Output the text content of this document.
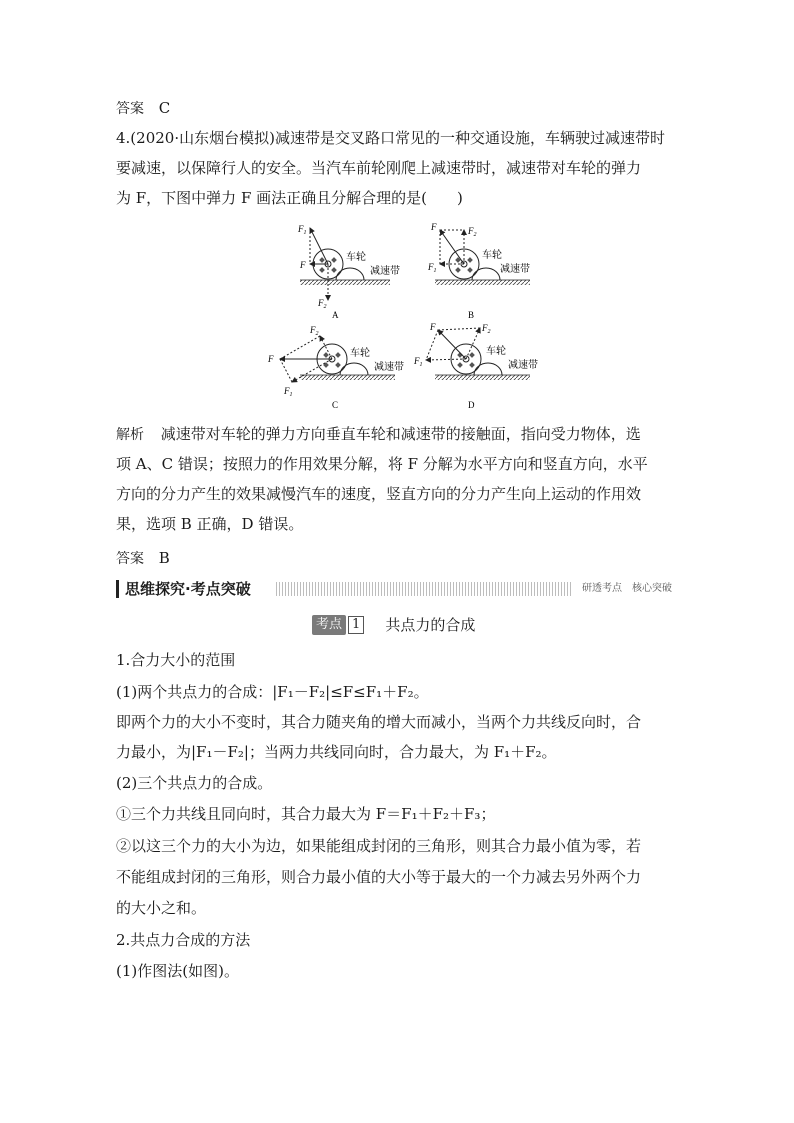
答案 C
4.(2020·山东烟台模拟)减速带是交叉路口常见的一种交通设施，车辆驶过减速带时
要减速，以保障行人的安全。当汽车前轮刚爬上减速带时，减速带对车轮的弹力
为 F，下图中弹力 F 画法正确且分解合理的是(　　)
$F_1$
F
$F_2$
车轮
减速带
A
F	$F_2$
$F_1$
车轮
减速带
B
F
$F_2$
$F_1$
车轮
减速带
C
F	$F_2$
$F_1$
车轮
减速带
D
解析 减速带对车轮的弹力方向垂直车轮和减速带的接触面，指向受力物体，选
项 A、C 错误；按照力的作用效果分解，将 F 分解为水平方向和竖直方向，水平
方向的分力产生的效果减慢汽车的速度，竖直方向的分力产生向上运动的作用效
果，选项 B 正确，D 错误。
答案 B
思维探究·考点突破	研透考点　核心突破
考点 1 共点力的合成
1.合力大小的范围
(1)两个共点力的合成：|F₁－F₂|≤F≤F₁＋F₂。
即两个力的大小不变时，其合力随夹角的增大而减小，当两个力共线反向时，合
力最小，为|F₁－F₂|；当两力共线同向时，合力最大，为 F₁＋F₂。
(2)三个共点力的合成。
①三个力共线且同向时，其合力最大为 F＝F₁＋F₂＋F₃；
②以这三个力的大小为边，如果能组成封闭的三角形，则其合力最小值为零，若
不能组成封闭的三角形，则合力最小值的大小等于最大的一个力减去另外两个力
的大小之和。
2.共点力合成的方法
(1)作图法(如图)。
